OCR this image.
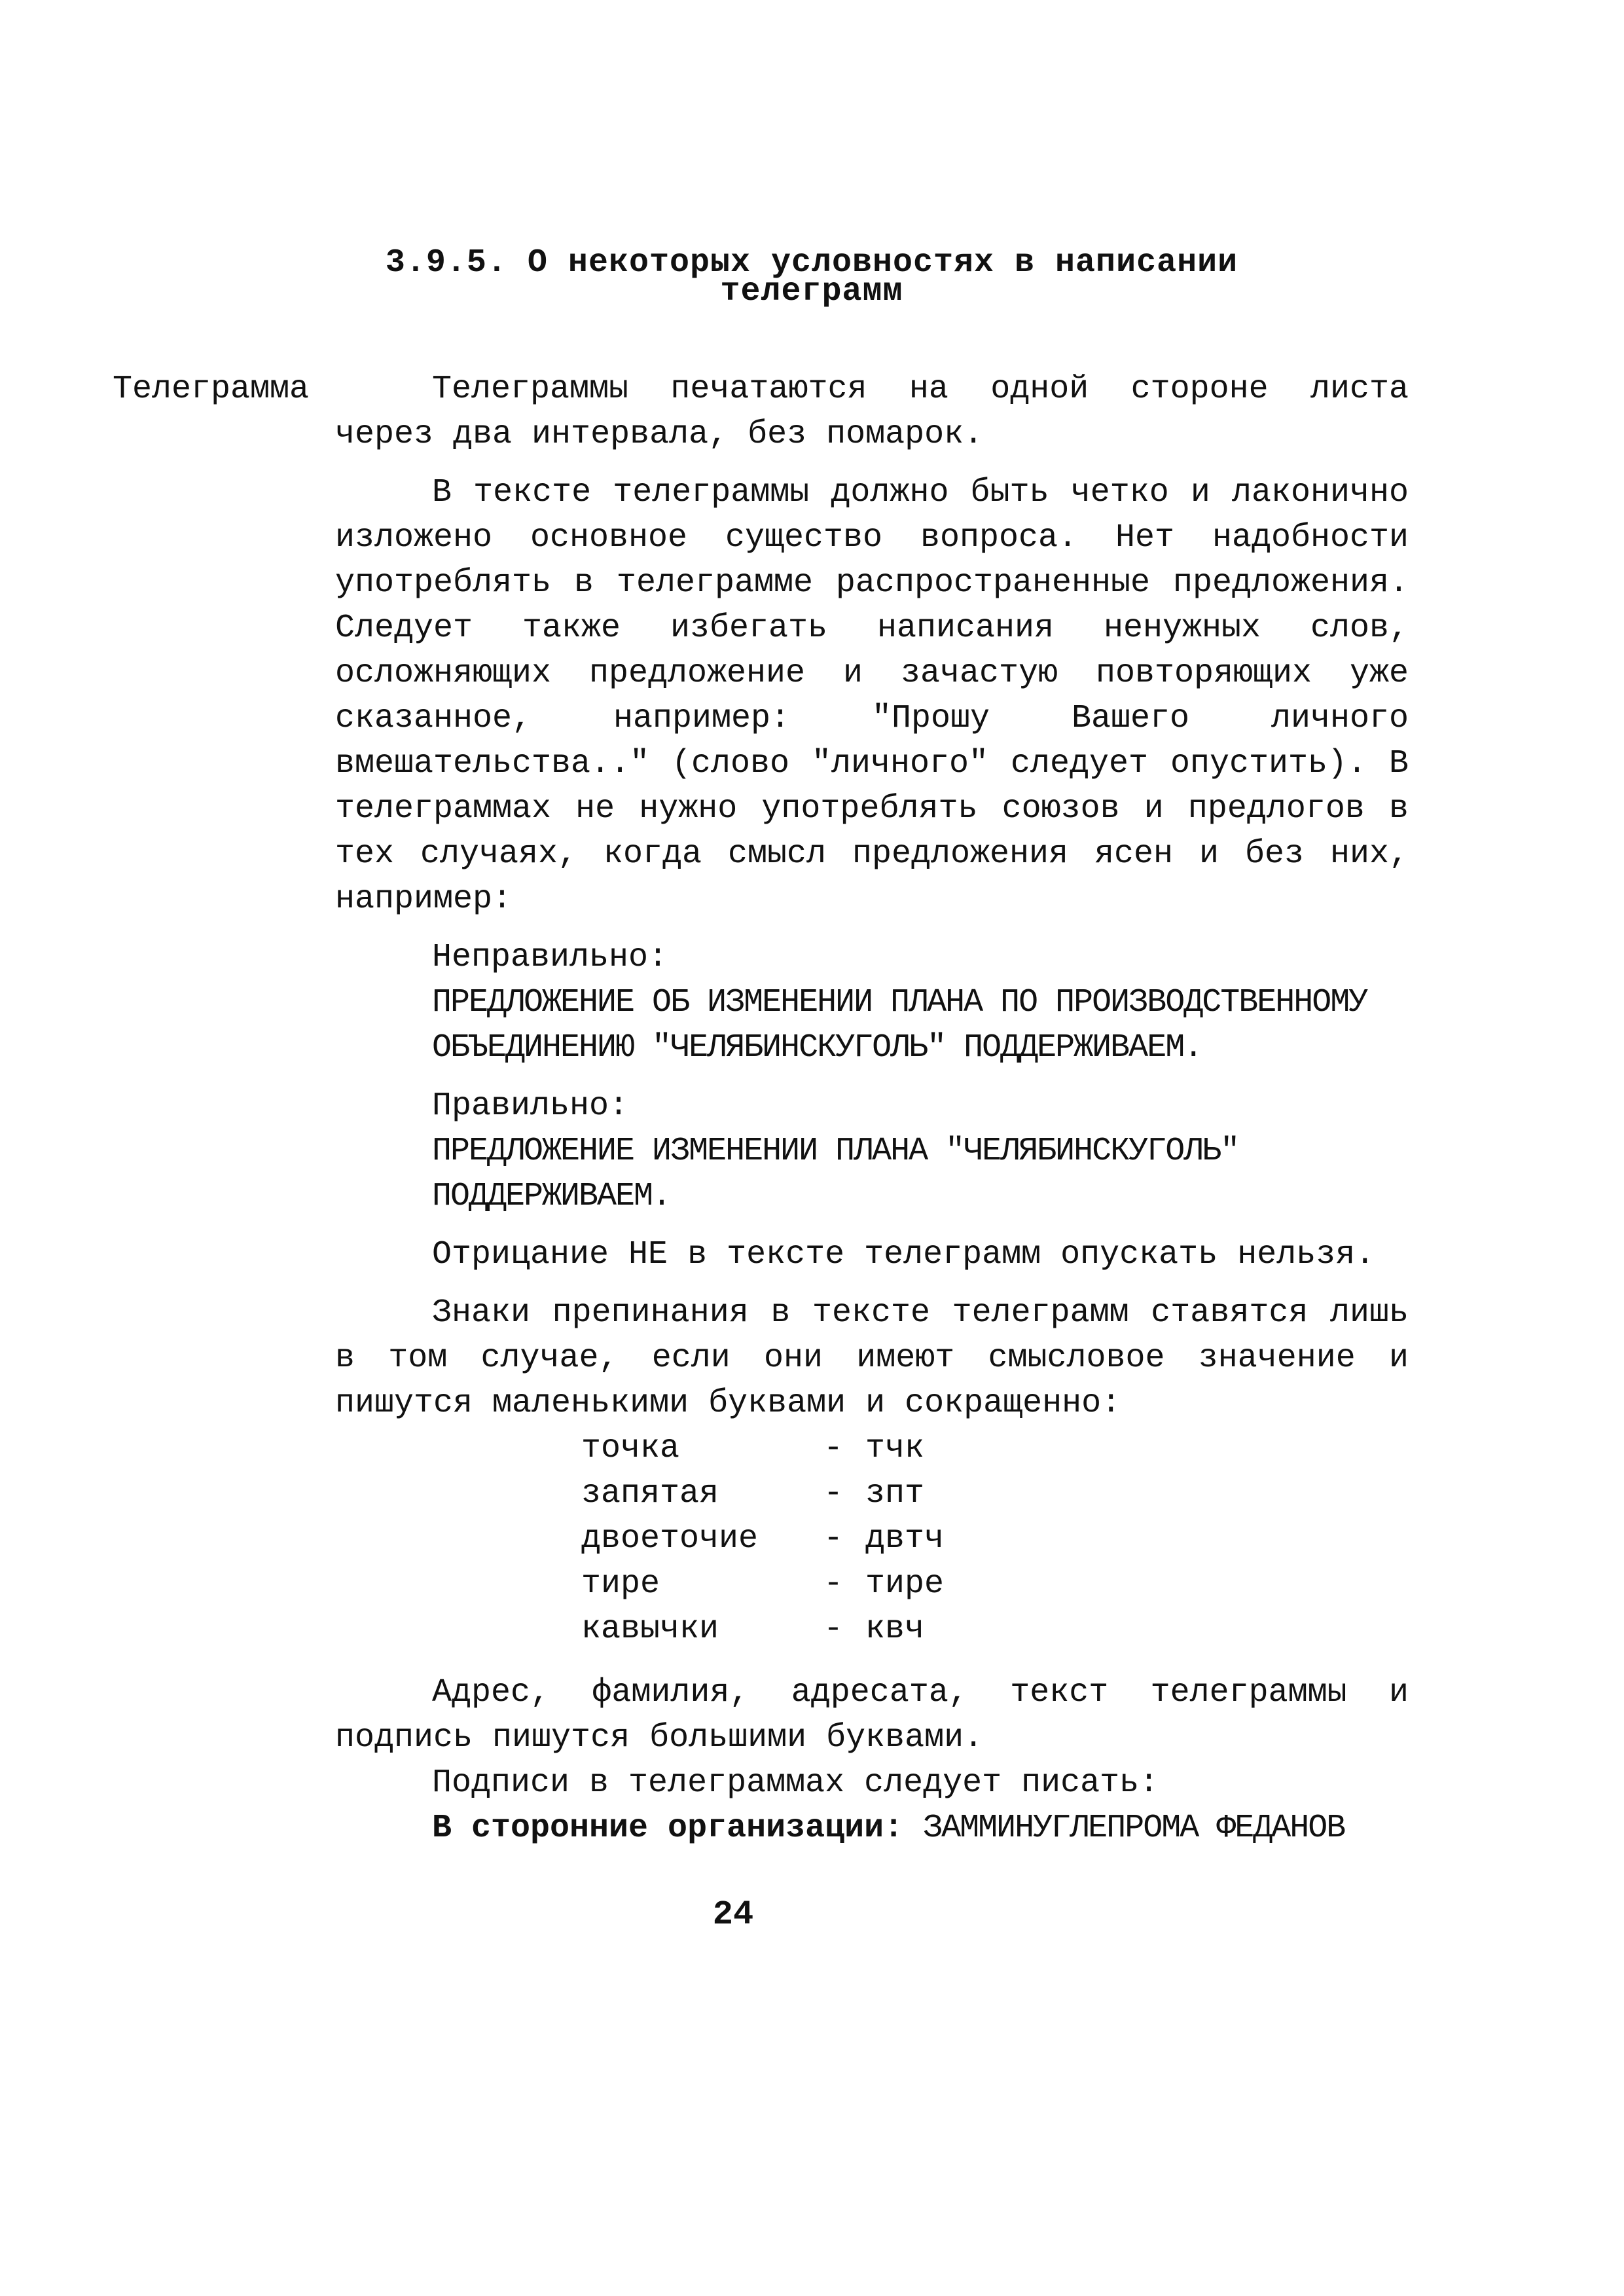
3.9.5. О некоторых условностях в написании

телеграмм
Телеграмма	Телеграммы печатаются на одной стороне листа через два интервала, без помарок.

В тексте телеграммы должно быть четко и лаконично изложено основное существо вопроса. Нет надобности употреблять в телеграмме распространенные предложения. Следует также избегать написания ненужных слов, осложняющих предложение и зачастую повторяющих уже сказанное, например: "Прошу Вашего личного вмешательства.." (слово "личного" следует опустить). В телеграммах не нужно употреблять союзов и предлогов в тех случаях, когда смысл предложения ясен и без них, например:

Неправильно:
ПРЕДЛОЖЕНИЕ ОБ ИЗМЕНЕНИИ ПЛАНА ПО ПРОИЗВОДСТВЕННОМУ ОБЪЕДИНЕНИЮ "ЧЕЛЯБИНСКУГОЛЬ" ПОДДЕРЖИВАЕМ.
Правильно:
ПРЕДЛОЖЕНИЕ ИЗМЕНЕНИИ ПЛАНА "ЧЕЛЯБИНСКУГОЛЬ" ПОДДЕРЖИВАЕМ.

Отрицание НЕ в тексте телеграмм опускать нельзя.

Знаки препинания в тексте телеграмм ставятся лишь в том случае, если они имеют смысловое значение и пишутся маленькими буквами и сокращенно:

точка	-	тчк
запятая	-	зпт
двоеточие	-	двтч
тире	-	тире
кавычки	-	квч

Адрес, фамилия, адресата, текст телеграммы и подпись пишутся большими буквами.

Подписи в телеграммах следует писать:

В сторонние организации: ЗАММИНУГЛЕПРОМА ФЕДАНОВ

24
